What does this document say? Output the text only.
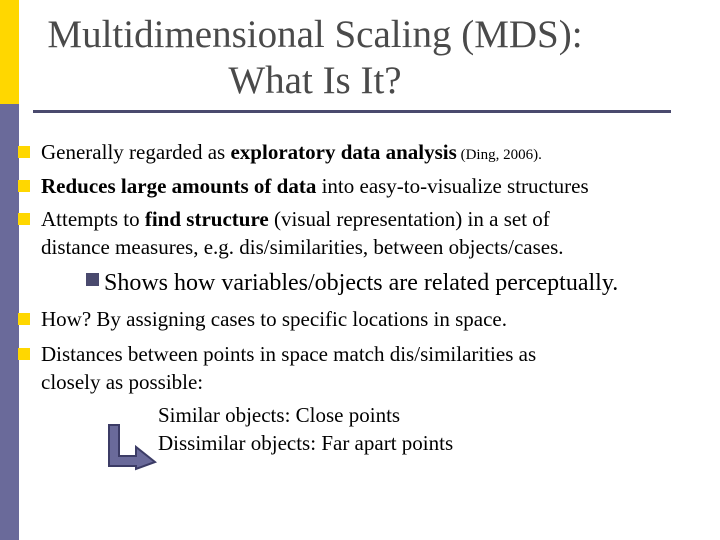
Multidimensional Scaling (MDS):
What Is It?
Generally regarded as exploratory data analysis (Ding, 2006).
Reduces large amounts of data into easy-to-visualize structures
Attempts to find structure (visual representation) in a set of
distance measures, e.g. dis/similarities, between objects/cases.
Shows how variables/objects are related perceptually.
How? By assigning cases to specific locations in space.
Distances between points in space match dis/similarities as
closely as possible:
Similar objects: Close points
Dissimilar objects: Far apart points
